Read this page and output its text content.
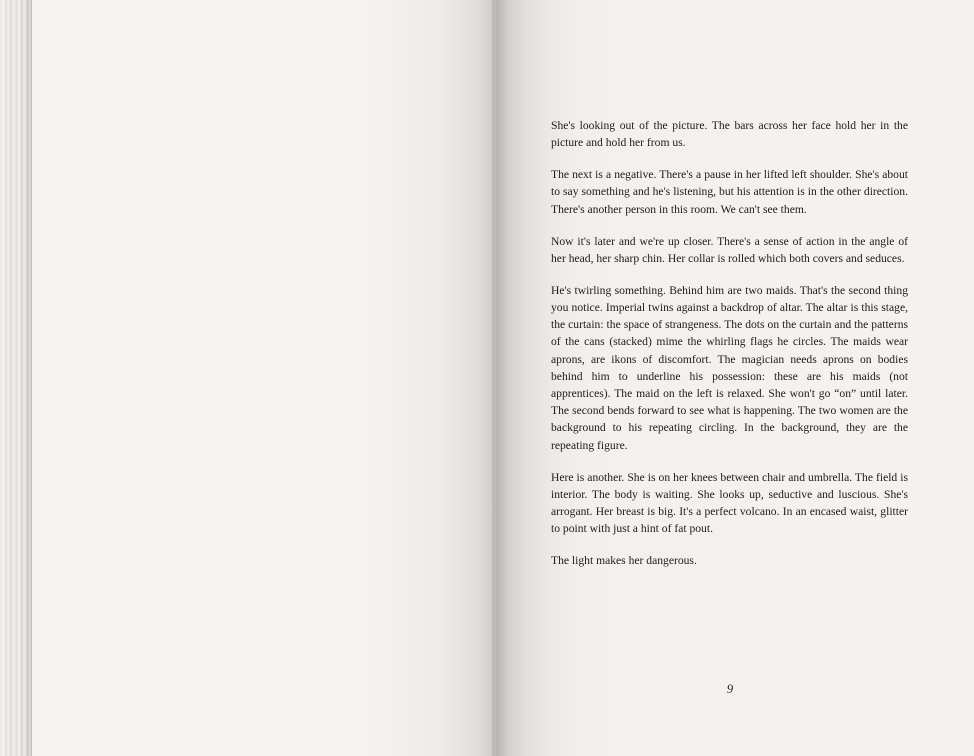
She's looking out of the picture. The bars across her face hold her in the picture and hold her from us.

The next is a negative. There's a pause in her lifted left shoulder. She's about to say something and he's listening, but his attention is in the other direction. There's another person in this room. We can't see them.

Now it's later and we're up closer. There's a sense of action in the angle of her head, her sharp chin. Her collar is rolled which both covers and seduces.

He's twirling something. Behind him are two maids. That's the second thing you notice. Imperial twins against a backdrop of altar. The altar is this stage, the curtain: the space of strangeness. The dots on the curtain and the patterns of the cans (stacked) mime the whirling flags he circles. The maids wear aprons, are ikons of discomfort. The magician needs aprons on bodies behind him to underline his possession: these are his maids (not apprentices). The maid on the left is relaxed. She won't go “on” until later. The second bends forward to see what is happening. The two women are the background to his repeating circling. In the background, they are the repeating figure.

Here is another. She is on her knees between chair and umbrella. The field is interior. The body is waiting. She looks up, seductive and luscious. She's arrogant. Her breast is big. It's a perfect volcano. In an encased waist, glitter to point with just a hint of fat pout.

The light makes her dangerous.

9
